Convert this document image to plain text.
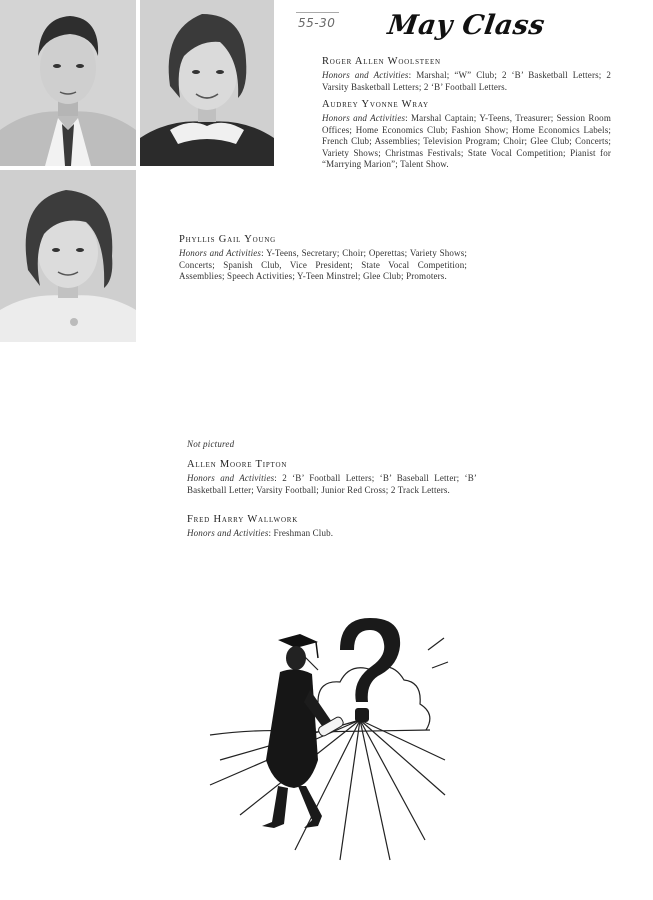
55-30 May Class
Roger Allen Woolsteen
Honors and Activities: Marshal; “W” Club; 2 ‘B’ Basketball Letters; 2 Varsity Basketball Letters; 2 ‘B’ Football Letters.
Audrey Yvonne Wray
Honors and Activities: Marshal Captain; Y-Teens, Treasurer; Session Room Offices; Home Economics Club; Fashion Show; Home Economics Labels; French Club; Assemblies; Television Program; Choir; Glee Club; Concerts; Variety Shows; Christmas Festivals; State Vocal Competition; Pianist for “Marrying Marion”; Talent Show.
Phyllis Gail Young
Honors and Activities: Y-Teens, Secretary; Choir; Operettas; Variety Shows; Concerts; Spanish Club, Vice President; State Vocal Competition; Assemblies; Speech Activities; Y-Teen Minstrel; Glee Club; Promoters.
Not pictured
Allen Moore Tipton
Honors and Activities: 2 ‘B’ Football Letters; ‘B’ Baseball Letter; ‘B’ Basketball Letter; Varsity Football; Junior Red Cross; 2 Track Letters.
Fred Harry Wallwork
Honors and Activities: Freshman Club.
